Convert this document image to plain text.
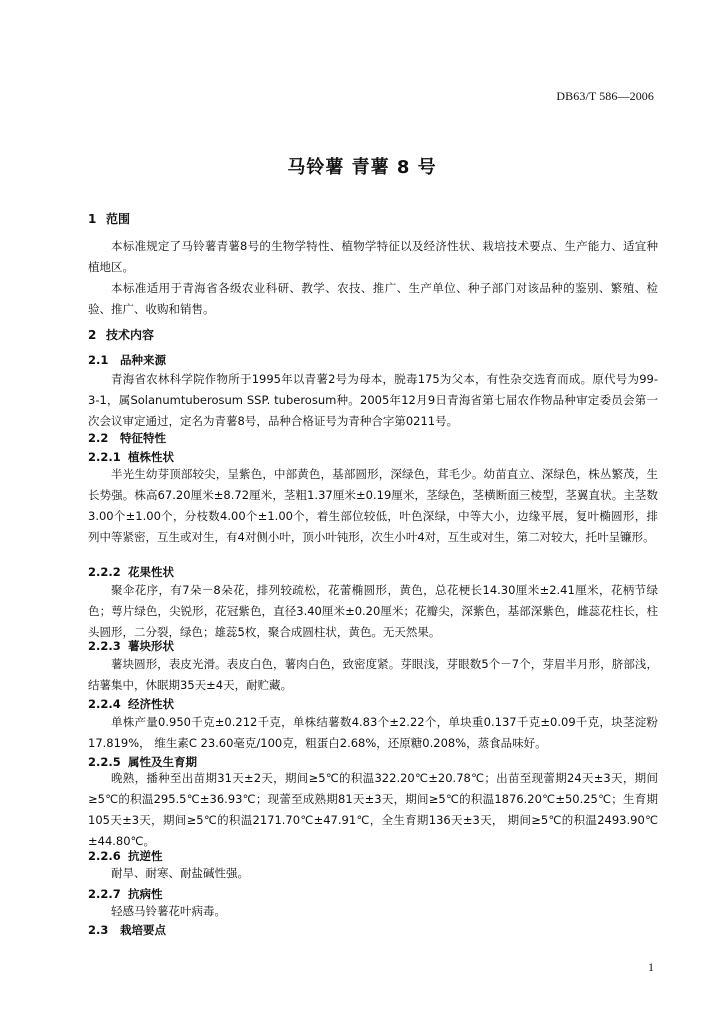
DB63/T 586—2006
马铃薯 青薯 8 号
1 范围

本标准规定了马铃薯青薯8号的生物学特性、植物学特征以及经济性状、栽培技术要点、生产能力、适宜种植地区。

本标准适用于青海省各级农业科研、教学、农技、推广、生产单位、种子部门对该品种的鉴别、繁殖、检验、推广、收购和销售。

2 技术内容
2.1 品种来源

青海省农林科学院作物所于1995年以青薯2号为母本，脱毒175为父本，有性杂交选育而成。原代号为99-3-1，属Solanumtuberosum SSP. tuberosum种。2005年12月9日青海省第七届农作物品种审定委员会第一次会议审定通过，定名为青薯8号，品种合格证号为青种合字第0211号。

2.2 特征特性
2.2.1 植株性状

半光生幼芽顶部较尖，呈紫色，中部黄色，基部圆形，深绿色，茸毛少。幼苗直立、深绿色，株丛繁茂，生长势强。株高67.20厘米±8.72厘米，茎粗1.37厘米±0.19厘米，茎绿色，茎横断面三棱型，茎翼直状。主茎数3.00个±1.00个，分枝数4.00个±1.00个，着生部位较低，叶色深绿，中等大小，边缘平展，复叶椭圆形，排列中等紧密，互生或对生，有4对侧小叶，顶小叶钝形，次生小叶4对，互生或对生，第二对较大，托叶呈镰形。

2.2.2 花果性状

聚伞花序，有7朵－8朵花，排列较疏松，花蕾椭圆形，黄色，总花梗长14.30厘米±2.41厘米，花柄节绿色；萼片绿色，尖锐形，花冠紫色，直径3.40厘米±0.20厘米；花瓣尖，深紫色，基部深紫色，雌蕊花柱长，柱头圆形，二分裂，绿色；雄蕊5枚，聚合成圆柱状，黄色。无天然果。

2.2.3 薯块形状

薯块圆形，表皮光滑。表皮白色，薯肉白色，致密度紧。芽眼浅，芽眼数5个－7个，芽眉半月形，脐部浅，结薯集中，休眠期35天±4天，耐贮藏。

2.2.4 经济性状

单株产量0.950千克±0.212千克，单株结薯数4.83个±2.22个，单块重0.137千克±0.09千克，块茎淀粉17.819%， 维生素C 23.60毫克/100克，粗蛋白2.68%，还原糖0.208%，蒸食品味好。

2.2.5 属性及生育期

晚熟，播种至出苗期31天±2天，期间≥5℃的积温322.20℃±20.78℃；出苗至现蕾期24天±3天，期间≥5℃的积温295.5℃±36.93℃；现蕾至成熟期81天±3天，期间≥5℃的积温1876.20℃±50.25℃；生育期105天±3天，期间≥5℃的积温2171.70℃±47.91℃，全生育期136天±3天， 期间≥5℃的积温2493.90℃±44.80℃。

2.2.6 抗逆性

耐旱、耐寒、耐盐碱性强。

2.2.7 抗病性

轻感马铃薯花叶病毒。

2.3 栽培要点
1
